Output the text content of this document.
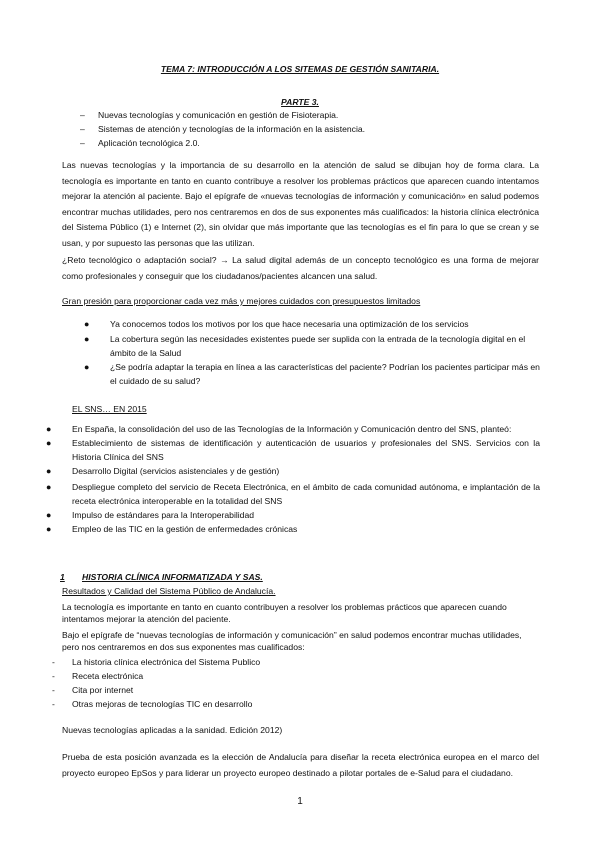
TEMA 7: INTRODUCCIÓN A LOS SITEMAS DE GESTIÓN SANITARIA.
PARTE 3.
–	Nuevas tecnologías y comunicación en gestión de Fisioterapia.
–	Sistemas de atención y tecnologías de la información en la asistencia.
–	Aplicación tecnológica 2.0.
Las nuevas tecnologías y la importancia de su desarrollo en la atención de salud se dibujan hoy de forma clara. La tecnología es importante en tanto en cuanto contribuye a resolver los problemas prácticos que aparecen cuando intentamos mejorar la atención al paciente. Bajo el epígrafe de «nuevas tecnologías de información y comunicación» en salud podemos encontrar muchas utilidades, pero nos centraremos en dos de sus exponentes más cualificados: la historia clínica electrónica del Sistema Público (1) e Internet (2), sin olvidar que más importante que las tecnologías es el fin para lo que se crean y se usan, y por supuesto las personas que las utilizan.
¿Reto tecnológico o adaptación social? → La salud digital además de un concepto tecnológico es una forma de mejorar como profesionales y conseguir que los ciudadanos/pacientes alcancen una salud.
Gran presión para proporcionar cada vez más y mejores cuidados con presupuestos limitados
●	Ya conocemos todos los motivos por los que hace necesaria una optimización de los servicios
●	La cobertura según las necesidades existentes puede ser suplida con la entrada de la tecnología digital en el ámbito de la Salud
●	¿Se podría adaptar la terapia en línea a las características del paciente? Podrían los pacientes participar más en el cuidado de su salud?
EL SNS… EN 2015
●	En España, la consolidación del uso de las Tecnologías de la Información y Comunicación dentro del SNS, planteó:
●	Establecimiento de sistemas de identificación y autenticación de usuarios y profesionales del SNS. Servicios con la Historia Clínica del SNS
●	Desarrollo Digital (servicios asistenciales y de gestión)
●	Despliegue completo del servicio de Receta Electrónica, en el ámbito de cada comunidad autónoma, e implantación de la receta electrónica interoperable en la totalidad del SNS
●	Impulso de estándares para la Interoperabilidad
●	Empleo de las TIC en la gestión de enfermedades crónicas
1	HISTORIA CLÍNICA INFORMATIZADA Y SAS.
Resultados y Calidad del Sistema Público de Andalucía.
La tecnología es importante en tanto en cuanto contribuyen a resolver los problemas prácticos que aparecen cuando intentamos mejorar la atención del paciente.
Bajo el epígrafe de “nuevas tecnologías de información y comunicación” en salud podemos encontrar muchas utilidades, pero nos centraremos en dos sus exponentes mas cualificados:
-	La historia clínica electrónica del Sistema Publico
-	Receta electrónica
-	Cita por internet
-	Otras mejoras de tecnologías TIC en desarrollo
Nuevas tecnologías aplicadas a la sanidad. Edición 2012)
Prueba de esta posición avanzada es la elección de Andalucía para diseñar la receta electrónica europea en el marco del proyecto europeo EpSos y para liderar un proyecto europeo destinado a pilotar portales de e-Salud para el ciudadano.
1
